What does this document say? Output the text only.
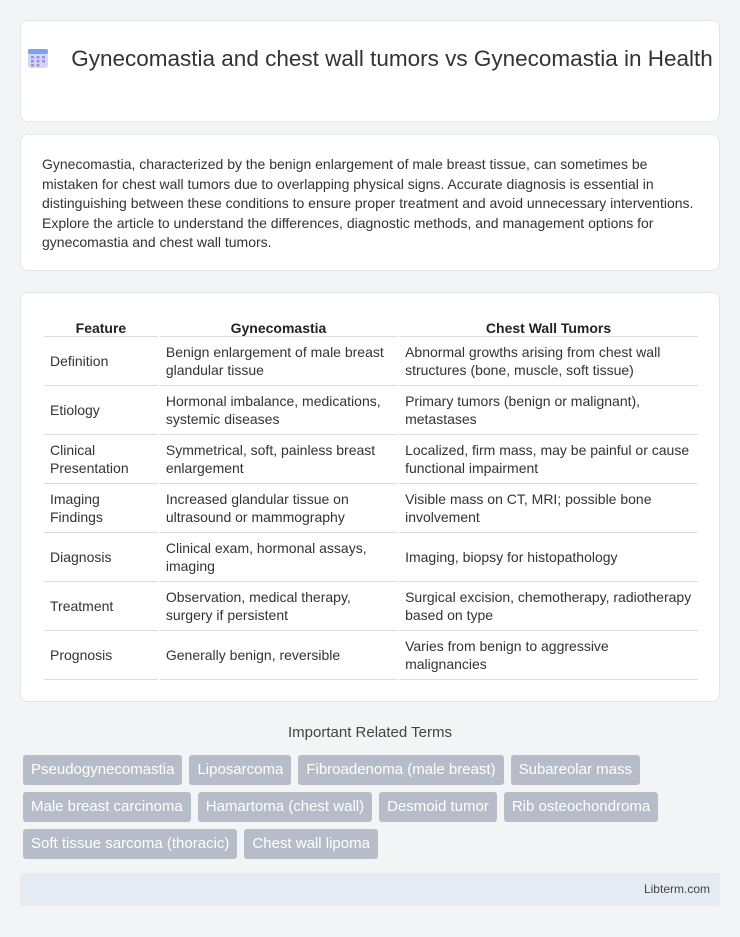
Gynecomastia and chest wall tumors vs Gynecomastia in Health

Gynecomastia, characterized by the benign enlargement of male breast tissue, can sometimes be mistaken for chest wall tumors due to overlapping physical signs. Accurate diagnosis is essential in distinguishing between these conditions to ensure proper treatment and avoid unnecessary interventions. Explore the article to understand the differences, diagnostic methods, and management options for gynecomastia and chest wall tumors.

Feature	Gynecomastia	Chest Wall Tumors
Definition	Benign enlargement of male breast glandular tissue	Abnormal growths arising from chest wall structures (bone, muscle, soft tissue)
Etiology	Hormonal imbalance, medications, systemic diseases	Primary tumors (benign or malignant), metastases
Clinical Presentation	Symmetrical, soft, painless breast enlargement	Localized, firm mass, may be painful or cause functional impairment
Imaging Findings	Increased glandular tissue on ultrasound or mammography	Visible mass on CT, MRI; possible bone involvement
Diagnosis	Clinical exam, hormonal assays, imaging	Imaging, biopsy for histopathology
Treatment	Observation, medical therapy, surgery if persistent	Surgical excision, chemotherapy, radiotherapy based on type
Prognosis	Generally benign, reversible	Varies from benign to aggressive malignancies
Important Related Terms
Pseudogynecomastia Liposarcoma Fibroadenoma (male breast) Subareolar mass
Male breast carcinoma Hamartoma (chest wall) Desmoid tumor Rib osteochondroma
Soft tissue sarcoma (thoracic) Chest wall lipoma
Libterm.com
